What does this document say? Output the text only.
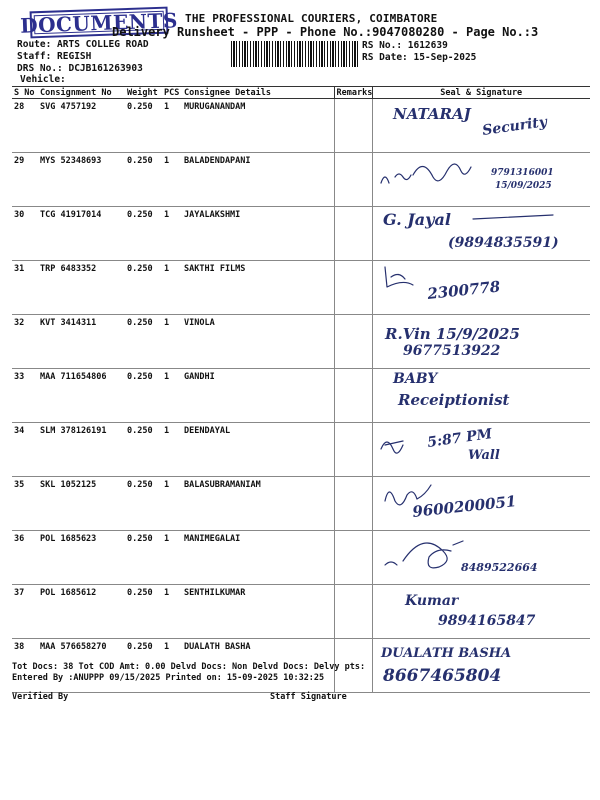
DOCUMENTS THE PROFESSIONAL COURIERS, COIMBATORE
Delivery Runsheet - PPP - Phone No.:9047080280 - Page No.:3
Route: ARTS COLLEG ROAD
Staff: REGISH
DRS No.: DCJB161263903
Vehicle:
RS No.: 1612639
RS Date: 15-Sep-2025
S No	Consignment No	Weight	PCS	Consignee Details	Remarks	Seal & Signature
28	SVG 4757192	0.250	1	MURUGANANDAM		NATARAJ
Security

29	MYS 52348693	0.250	1	BALADENDAPANI		9791316001
15/09/2025

30	TCG 41917014	0.250	1	JAYALAKSHMI		G. Jayal
(9894835591)

31	TRP 6483352	0.250	1	SAKTHI FILMS		2300778

32	KVT 3414311	0.250	1	VINOLA		R.Vin 15/9/2025
9677513922

33	MAA 711654806	0.250	1	GANDHI		BABY
Receiptionist

34	SLM 378126191	0.250	1	DEENDAYAL		5:87 PM
Wall

35	SKL 1052125	0.250	1	BALASUBRAMANIAM		9600200051

36	POL 1685623	0.250	1	MANIMEGALAI		8489522664

37	POL 1685612	0.250	1	SENTHILKUMAR		Kumar
9894165847

38	MAA 576658270	0.250	1	DUALATH BASHA		DUALATH BASHA
8667465804
Tot Docs: 38 Tot COD Amt: 0.00 Delvd Docs: Non Delvd Docs: Delvy pts:
Entered By :ANUPPP 09/15/2025 Printed on: 15-09-2025 10:32:25
Verified By	Staff Signature
